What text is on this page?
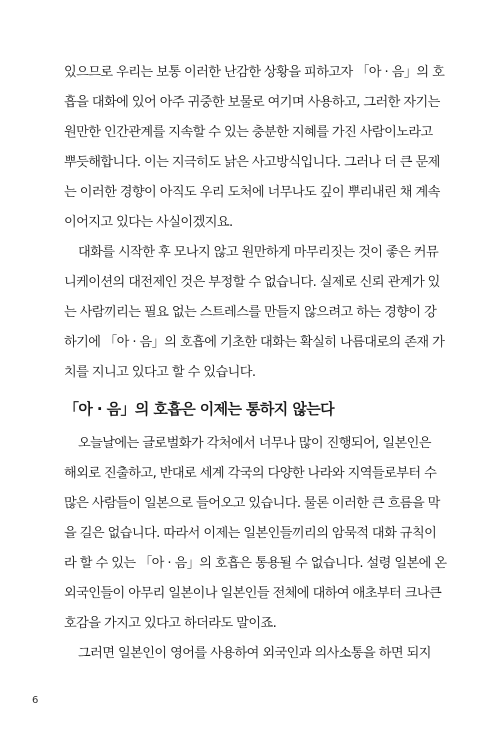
있으므로 우리는 보통 이러한 난감한 상황을 피하고자 「아 · 음」의 호
흡을 대화에 있어 아주 귀중한 보물로 여기며 사용하고, 그러한 자기는
원만한 인간관계를 지속할 수 있는 충분한 지혜를 가진 사람이노라고
뿌듯해합니다. 이는 지극히도 낡은 사고방식입니다. 그러나 더 큰 문제
는 이러한 경향이 아직도 우리 도처에 너무나도 깊이 뿌리내린 채 계속
이어지고 있다는 사실이겠지요.
대화를 시작한 후 모나지 않고 원만하게 마무리짓는 것이 좋은 커뮤
니케이션의 대전제인 것은 부정할 수 없습니다. 실제로 신뢰 관계가 있
는 사람끼리는 필요 없는 스트레스를 만들지 않으려고 하는 경향이 강
하기에 「아 · 음」의 호흡에 기초한 대화는 확실히 나름대로의 존재 가
치를 지니고 있다고 할 수 있습니다.
「아 · 음」의 호흡은 이제는 통하지 않는다
오늘날에는 글로벌화가 각처에서 너무나 많이 진행되어, 일본인은
해외로 진출하고, 반대로 세계 각국의 다양한 나라와 지역들로부터 수
많은 사람들이 일본으로 들어오고 있습니다. 물론 이러한 큰 흐름을 막
을 길은 없습니다. 따라서 이제는 일본인들끼리의 암묵적 대화 규칙이
라 할 수 있는 「아 · 음」의 호흡은 통용될 수 없습니다. 설령 일본에 온
외국인들이 아무리 일본이나 일본인들 전체에 대하여 애초부터 크나큰
호감을 가지고 있다고 하더라도 말이죠.
그러면 일본인이 영어를 사용하여 외국인과 의사소통을 하면 되지
6
